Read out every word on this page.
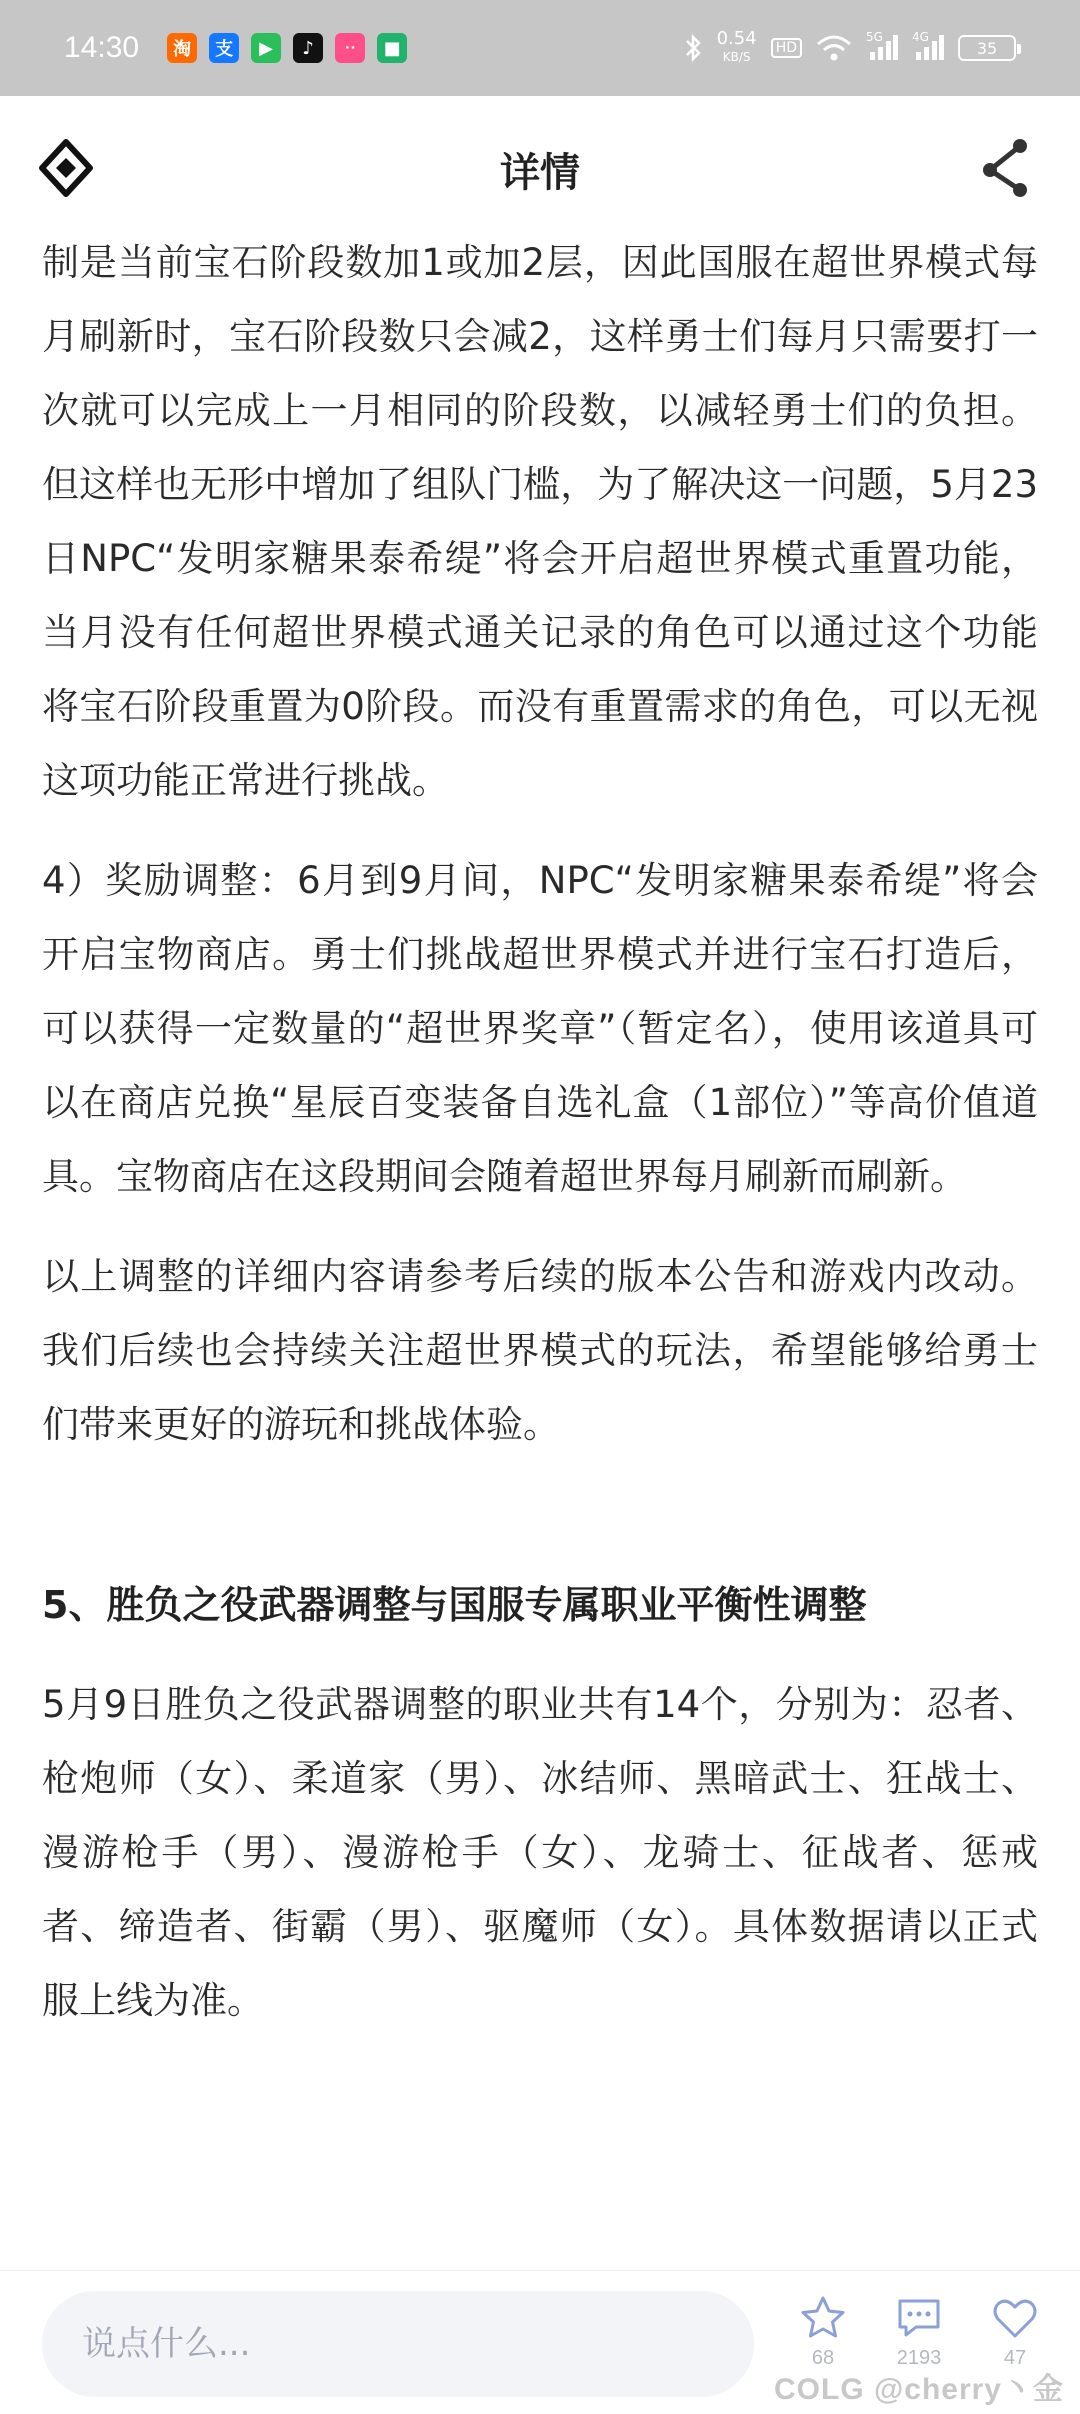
14:30	淘	支	▶	♪	ᐧᐧ	■	0.54
KB/S
HD
5G 4G
35
详情

制是当前宝石阶段数加1或加2层，因此国服在超世界模式每月刷新时，宝石阶段数只会减2，这样勇士们每月只需要打一次就可以完成上一月相同的阶段数，以减轻勇士们的负担。但这样也无形中增加了组队门槛，为了解决这一问题，5月23日NPC“发明家糖果泰希缇”将会开启超世界模式重置功能，当月没有任何超世界模式通关记录的角色可以通过这个功能将宝石阶段重置为0阶段。而没有重置需求的角色，可以无视这项功能正常进行挑战。

4）奖励调整：6月到9月间，NPC“发明家糖果泰希缇”将会开启宝物商店。勇士们挑战超世界模式并进行宝石打造后，可以获得一定数量的“超世界奖章”（暂定名），使用该道具可以在商店兑换“星辰百变装备自选礼盒（1部位）”等高价值道具。宝物商店在这段期间会随着超世界每月刷新而刷新。

以上调整的详细内容请参考后续的版本公告和游戏内改动。我们后续也会持续关注超世界模式的玩法，希望能够给勇士们带来更好的游玩和挑战体验。

5、胜负之役武器调整与国服专属职业平衡性调整

5月9日胜负之役武器调整的职业共有14个，分别为：忍者、枪炮师（女）、柔道家（男）、冰结师、黑暗武士、狂战士、漫游枪手（男）、漫游枪手（女）、龙骑士、征战者、惩戒者、缔造者、街霸（男）、驱魔师（女）。具体数据请以正式服上线为准。

说点什么...
68	2193	47
COLG @cherry丶金
